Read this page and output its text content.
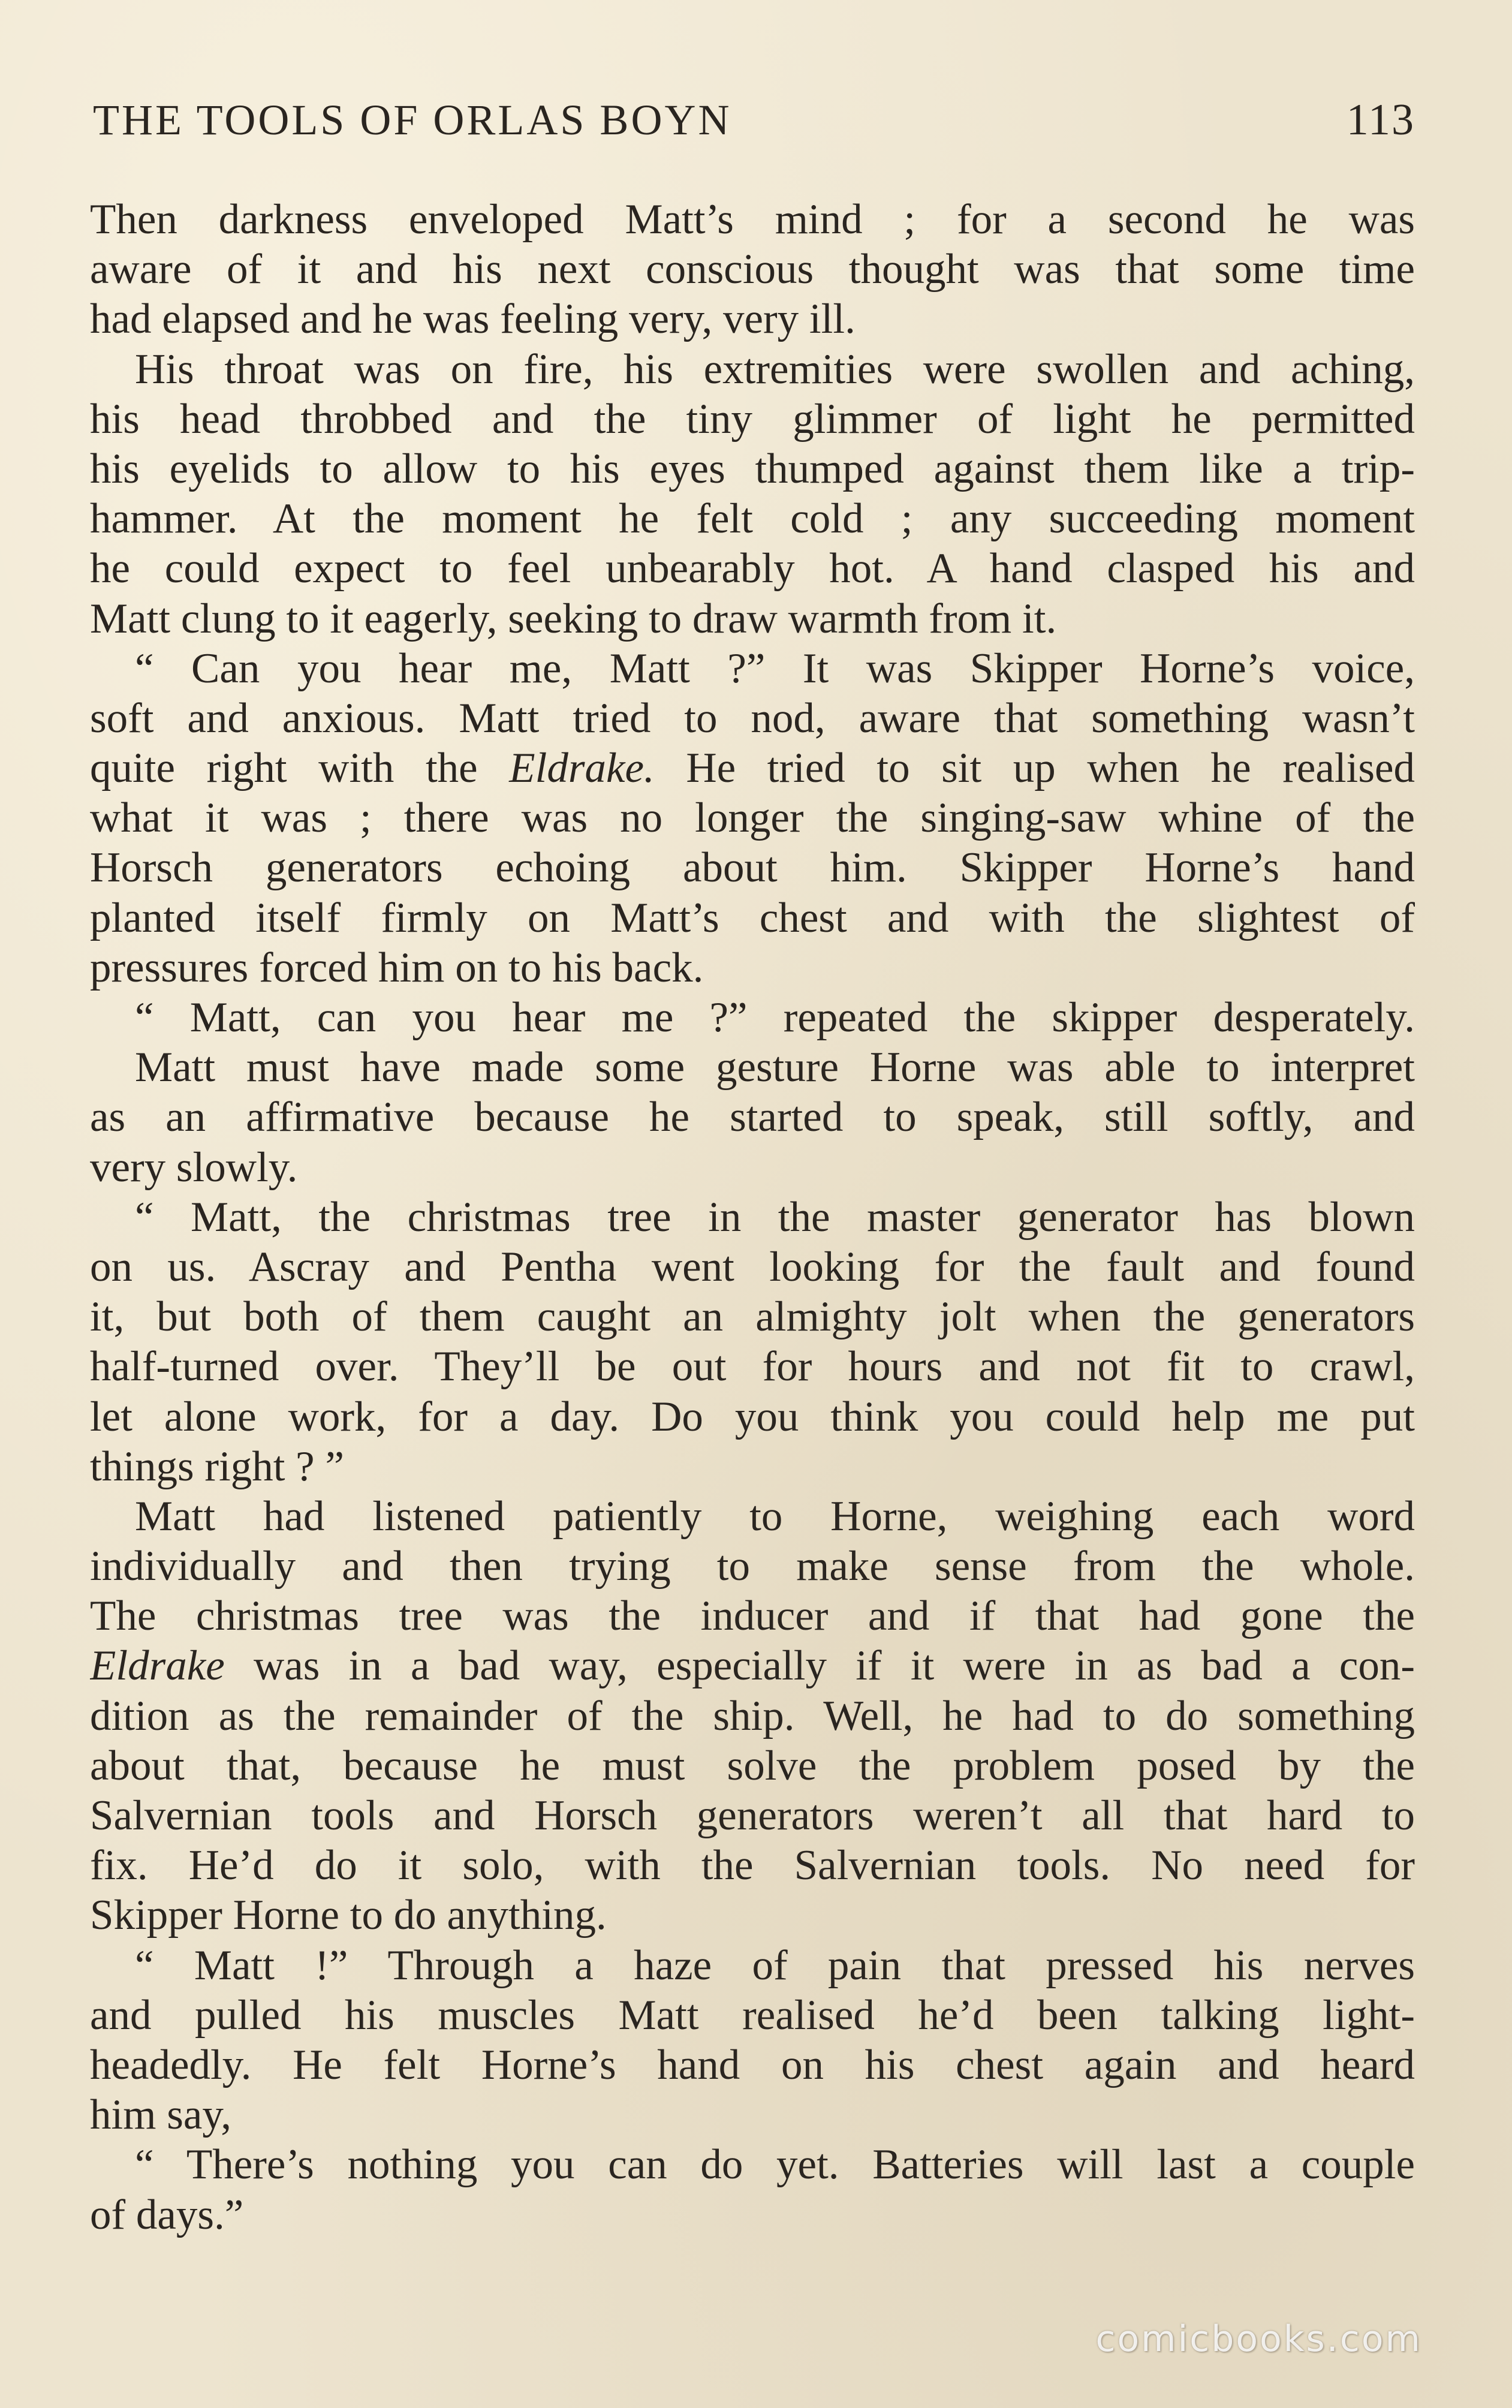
THE TOOLS OF ORLAS BOYN	113
Then darkness enveloped Matt’s mind ; for a second he was
aware of it and his next conscious thought was that some time
had elapsed and he was feeling very, very ill.
His throat was on fire, his extremities were swollen and aching,
his head throbbed and the tiny glimmer of light he permitted
his eyelids to allow to his eyes thumped against them like a trip-
hammer. At the moment he felt cold ; any succeeding moment
he could expect to feel unbearably hot. A hand clasped his and
Matt clung to it eagerly, seeking to draw warmth from it.
“ Can you hear me, Matt ?” It was Skipper Horne’s voice,
soft and anxious. Matt tried to nod, aware that something wasn’t
quite right with the Eldrake. He tried to sit up when he realised
what it was ; there was no longer the singing-saw whine of the
Horsch generators echoing about him. Skipper Horne’s hand
planted itself firmly on Matt’s chest and with the slightest of
pressures forced him on to his back.
“ Matt, can you hear me ?” repeated the skipper desperately.
Matt must have made some gesture Horne was able to interpret
as an affirmative because he started to speak, still softly, and
very slowly.
“ Matt, the christmas tree in the master generator has blown
on us. Ascray and Pentha went looking for the fault and found
it, but both of them caught an almighty jolt when the generators
half-turned over. They’ll be out for hours and not fit to crawl,
let alone work, for a day. Do you think you could help me put
things right ? ”
Matt had listened patiently to Horne, weighing each word
individually and then trying to make sense from the whole.
The christmas tree was the inducer and if that had gone the
Eldrake was in a bad way, especially if it were in as bad a con-
dition as the remainder of the ship. Well, he had to do something
about that, because he must solve the problem posed by the
Salvernian tools and Horsch generators weren’t all that hard to
fix. He’d do it solo, with the Salvernian tools. No need for
Skipper Horne to do anything.
“ Matt !” Through a haze of pain that pressed his nerves
and pulled his muscles Matt realised he’d been talking light-
headedly. He felt Horne’s hand on his chest again and heard
him say,
“ There’s nothing you can do yet. Batteries will last a couple
of days.”
comicbooks.com
